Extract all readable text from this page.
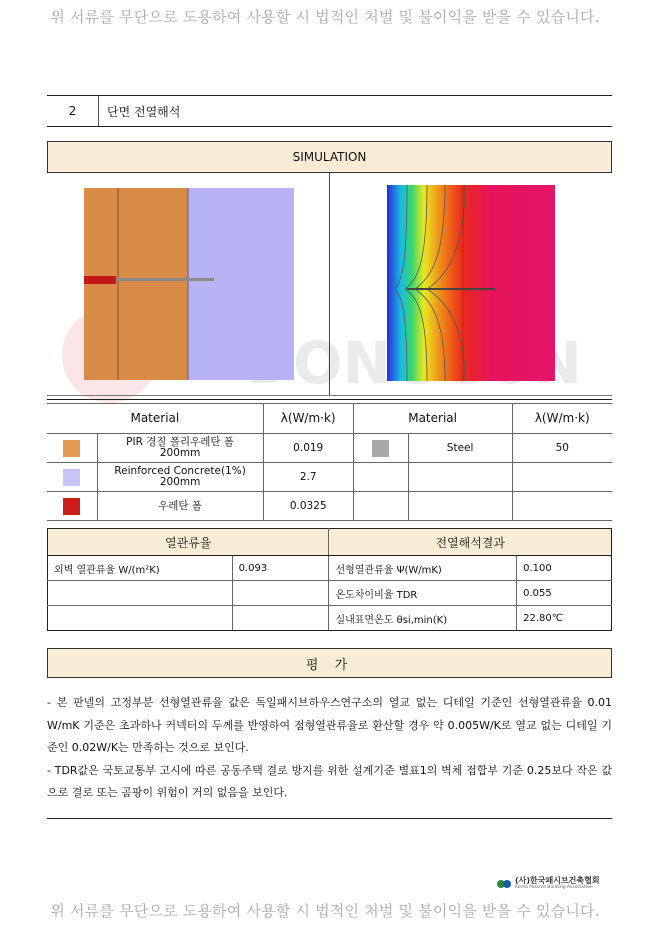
위 서류를 무단으로 도용하여 사용할 시 법적인 처벌 및 불이익을 받을 수 있습니다.
2	단면 전열해석
SIMULATION
Material		λ(W/m·k)	Material		λ(W/m·k)
	PIR 경질 폴리우레탄 폼 200mm	0.019		Steel	50
	Reinforced Concrete(1%) 200mm	2.7			
	우레탄 폼	0.0325			
열관류율		전열해석결과	
외벽 열관류율 W/(m²K)	0.093	선형열관류율 Ψ(W/mK)	0.100
		온도차이비율 TDR	0.055
		실내표면온도 θsi,min(K)	22.80℃
평 가

- 본 판넬의 고정부분 선형열관류율 값은 독일패시브하우스연구소의 열교 없는 디테일 기준인 선형열관류율 0.01 W/mK 기준은 초과하나 커넥터의 두께를 반영하여 점형열관류율로 환산할 경우 약 0.005W/K로 열교 없는 디테일 기준인 0.02W/K는 만족하는 것으로 보인다.

- TDR값은 국토교통부 고시에 따른 공동주택 결로 방지를 위한 설계기준 별표1의 벽체 접합부 기준 0.25보다 작은 값으로 결로 또는 곰팡이 위험이 거의 없음을 보인다.

(사)한국패시브건축협회
Korea Passive Building Association
위 서류를 무단으로 도용하여 사용할 시 법적인 처벌 및 불이익을 받을 수 있습니다.
